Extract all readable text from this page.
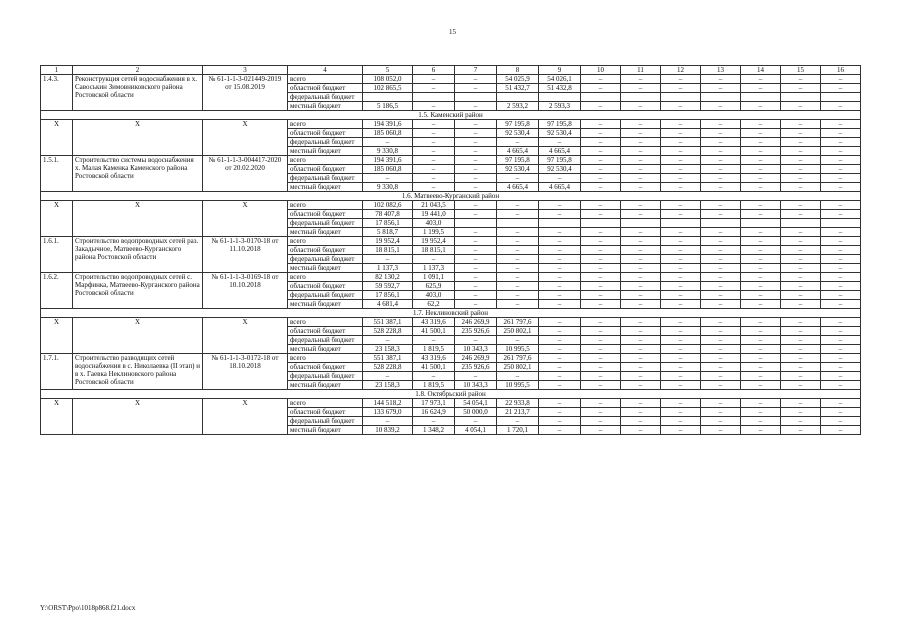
15
1	2	3	4	5	6	7	8	9	10	11	12	13	14	15	16
1.4.3.	Реконструкция сетей водоснабжения в х. Савоськин Зимовниковского района Ростовской области	№ 61-1-1-3-021449-2019 от 15.08.2019	всего	108 052,0	–	–	54 025,9	54 026,1	–	–	–	–	–	–	–
			областной бюджет	102 865,5	–	–	51 432,7	51 432,8	–	–	–	–	–	–	–
			федеральный бюджет												
			местный бюджет	5 186,5	–	–	2 593,2	2 593,3	–	–	–	–	–	–	–
1.5. Каменский район															
Х	Х	Х	всего	194 391,6	–	–	97 195,8	97 195,8	–	–	–	–	–	–	–
			областной бюджет	185 060,8	–	–	92 530,4	92 530,4	–	–	–	–	–	–	–
			федеральный бюджет	–	–	–	–	–	–	–	–	–	–	–	–
			местный бюджет	9 330,8	–	–	4 665,4	4 665,4	–	–	–	–	–	–	–
1.5.1.	Строительство системы водоснабжения х. Малая Каменка Каменского района Ростовской области	№ 61-1-1-3-004417-2020 от 20.02.2020	всего	194 391,6	–	–	97 195,8	97 195,8	–	–	–	–	–	–	–
			областной бюджет	185 060,8	–	–	92 530,4	92 530,4	–	–	–	–	–	–	–
			федеральный бюджет	–	–	–	–	–	–	–	–	–	–	–	–
			местный бюджет	9 330,8	–	–	4 665,4	4 665,4	–	–	–	–	–	–	–
1.6. Матвеево-Курганский район															
Х	Х	Х	всего	102 082,6	21 043,5	–	–	–	–	–	–	–	–	–	–
			областной бюджет	78 407,8	19 441,0	–	–	–	–	–	–	–	–	–	–
			федеральный бюджет	17 856,1	403,0										
			местный бюджет	5 818,7	1 199,5	–	–	–	–	–	–	–	–	–	–
1.6.1.	Строительство водопроводных сетей раз. Закадычное, Матвеево-Курганского района Ростовской области	№ 61-1-1-3-0170-18 от 11.10.2018	всего	19 952,4	19 952,4	–	–	–	–	–	–	–	–	–	–
			областной бюджет	18 815,1	18 815,1	–	–	–	–	–	–	–	–	–	–
			федеральный бюджет	–	–	–	–	–	–	–	–	–	–	–	–
			местный бюджет	1 137,3	1 137,3	–	–	–	–	–	–	–	–	–	–
1.6.2.	Строительство водопроводных сетей с. Марфинка, Матвеево-Курганского района Ростовской области	№ 61-1-1-3-0169-18 от 10.10.2018	всего	82 130,2	1 091,1	–	–	–	–	–	–	–	–	–	–
			областной бюджет	59 592,7	625,9	–	–	–	–	–	–	–	–	–	–
			федеральный бюджет	17 856,1	403,0	–	–	–	–	–	–	–	–	–	–
			местный бюджет	4 681,4	62,2	–	–	–	–	–	–	–	–	–	–
1.7. Неклиновский район															
Х	Х	Х	всего	551 387,1	43 319,6	246 269,9	261 797,6	–	–	–	–	–	–	–	–
			областной бюджет	528 228,8	41 500,1	235 926,6	250 802,1	–	–	–	–	–	–	–	–
			федеральный бюджет	–	–	–	–	–	–	–	–	–	–	–	–
			местный бюджет	23 158,3	1 819,5	10 343,3	10 995,5	–	–	–	–	–	–	–	–
1.7.1.	Строительство разводящих сетей водоснабжения в с. Николаевка (II этап) и в х. Гаевка Неклиновского района Ростовской области	№ 61-1-1-3-0172-18 от 18.10.2018	всего	551 387,1	43 319,6	246 269,9	261 797,6	–	–	–	–	–	–	–	–
			областной бюджет	528 228,8	41 500,1	235 926,6	250 802,1	–	–	–	–	–	–	–	–
			федеральный бюджет	–	–	–	–	–	–	–	–	–	–	–	–
			местный бюджет	23 158,3	1 819,5	10 343,3	10 995,5	–	–	–	–	–	–	–	–
1.8. Октябрьский район															
Х	Х	Х	всего	144 518,2	17 973,1	54 054,1	22 933,8	–	–	–	–	–	–	–	–
			областной бюджет	133 679,0	16 624,9	50 000,0	21 213,7	–	–	–	–	–	–	–	–
			федеральный бюджет	–	–	–	–	–	–	–	–	–	–	–	–
			местный бюджет	10 839,2	1 348,2	4 054,1	1 720,1	–	–	–	–	–	–	–	–
Y:\ORST\Ppo\1018p868.f21.docx
